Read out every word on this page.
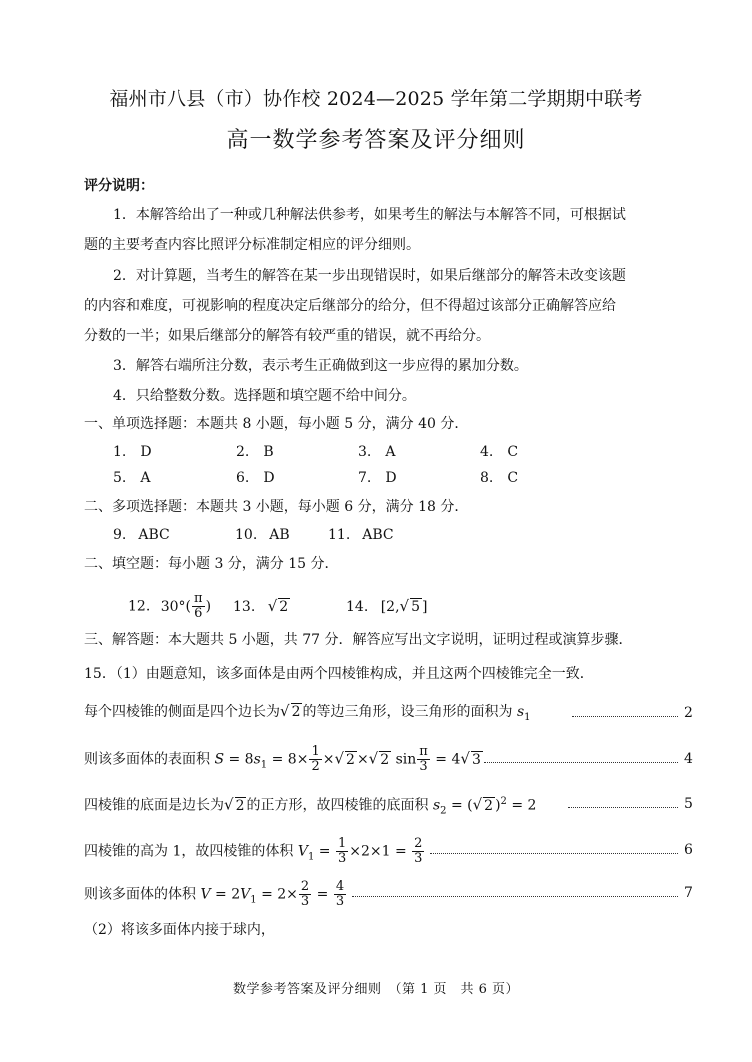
福州市八县（市）协作校 2024—2025 学年第二学期期中联考
高一数学参考答案及评分细则
评分说明：
1．本解答给出了一种或几种解法供参考，如果考生的解法与本解答不同，可根据试
题的主要考查内容比照评分标准制定相应的评分细则。
2．对计算题，当考生的解答在某一步出现错误时，如果后继部分的解答未改变该题
的内容和难度，可视影响的程度决定后继部分的给分，但不得超过该部分正确解答应给
分数的一半；如果后继部分的解答有较严重的错误，就不再给分。
3．解答右端所注分数，表示考生正确做到这一步应得的累加分数。
4．只给整数分数。选择题和填空题不给中间分。
一、单项选择题：本题共 8 小题，每小题 5 分，满分 40 分．
1. D	2. B	3. A	4. C
5. A	6. D	7. D	8. C
二、多项选择题：本题共 3 小题，每小题 6 分，满分 18 分．
9. ABC	10. AB	11. ABC
二、填空题：每小题 3 分，满分 15 分．
12. $30^\circ( \frac{\pi}{6}$ ) 13. √ 2	14. [2,√ 5 ]
三、解答题：本大题共 5 小题，共 77 分．解答应写出文字说明，证明过程或演算步骤．
15．（1）由题意知，该多面体是由两个四棱锥构成，并且这两个四棱锥完全一致．
每个四棱锥的侧面是四个边长为√ 2 的等边三角形，设三角形的面积为 $s_1$	2
则该多面体的表面积 $S = 8s_1 = 8\times \frac{1}{2}$ ×√ 2 ×√ 2 $\sin \frac{\pi}{3} = 4√$ 3	4
四棱锥的底面是边长为√ 2 的正方形，故四棱锥的底面积 $s_2$ = (√ 2 )$^2$ = 2	5
四棱锥的高为 1，故四棱锥的体积 $V_1 = \frac{1}{3} \times 2\times 1 = \frac{2}{3}$	6
则该多面体的体积 $V = 2V_1 = 2\times \frac{2}{3} = \frac{4}{3}$	7
（2）将该多面体内接于球内，
数学参考答案及评分细则　（第 1 页　共 6 页）
